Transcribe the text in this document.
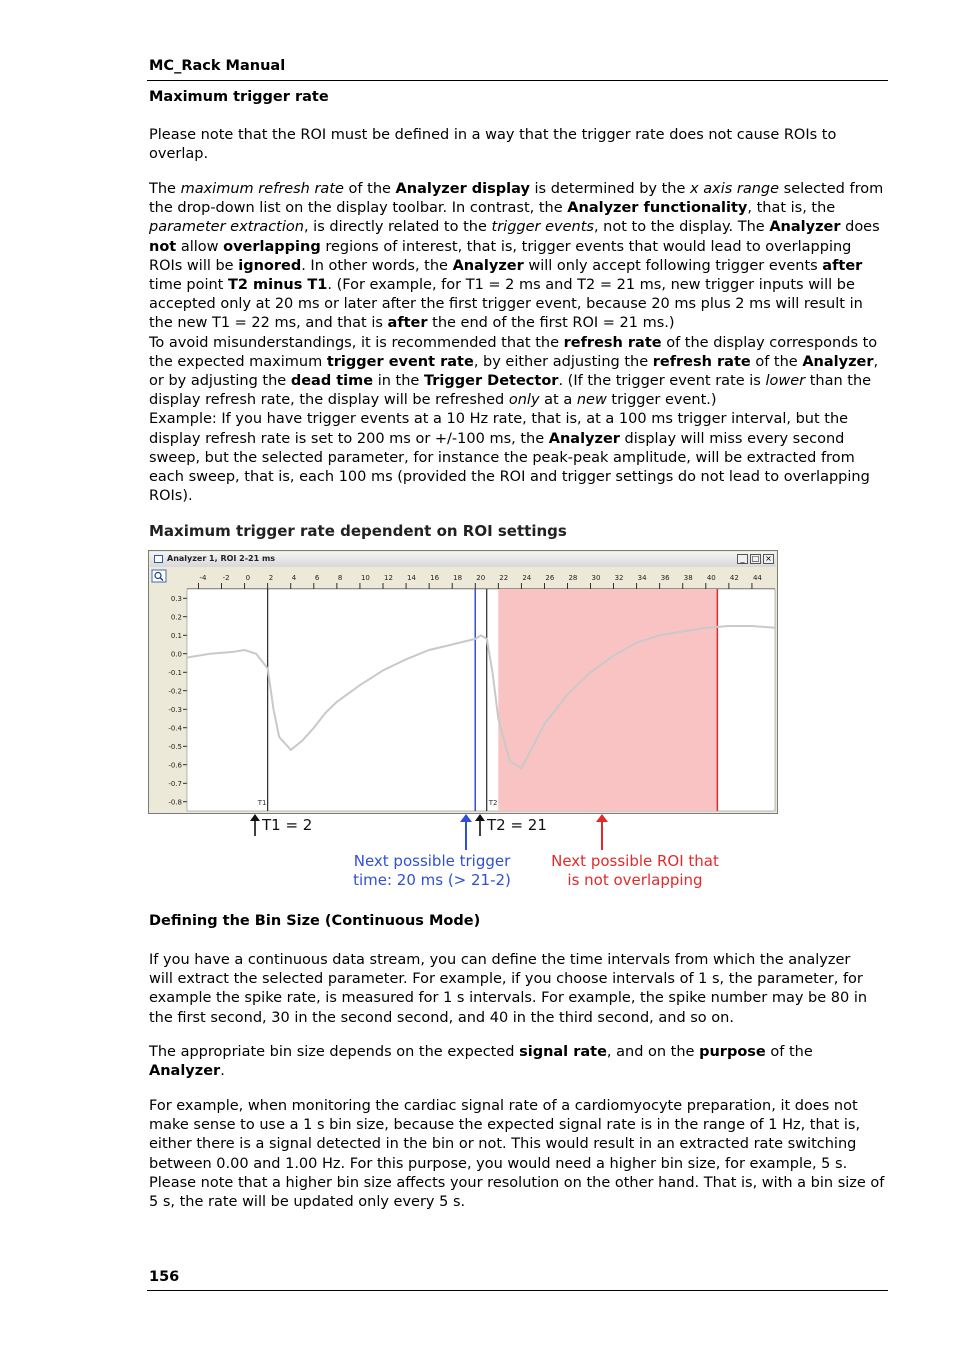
MC_Rack Manual
Maximum trigger rate
Please note that the ROI must be defined in a way that the trigger rate does not cause ROIs to overlap.
The maximum refresh rate of the Analyzer display is determined by the x axis range selected from the drop-down list on the display toolbar. In contrast, the Analyzer functionality, that is, the parameter extraction, is directly related to the trigger events, not to the display. The Analyzer does not allow overlapping regions of interest, that is, trigger events that would lead to overlapping ROIs will be ignored. In other words, the Analyzer will only accept following trigger events after time point T2 minus T1. (For example, for T1 = 2 ms and T2 = 21 ms, new trigger inputs will be accepted only at 20 ms or later after the first trigger event, because 20 ms plus 2 ms will result in the new T1 = 22 ms, and that is after the end of the first ROI = 21 ms.)
To avoid misunderstandings, it is recommended that the refresh rate of the display corresponds to the expected maximum trigger event rate, by either adjusting the refresh rate of the Analyzer, or by adjusting the dead time in the Trigger Detector. (If the trigger event rate is lower than the display refresh rate, the display will be refreshed only at a new trigger event.)
Example: If you have trigger events at a 10 Hz rate, that is, at a 100 ms trigger interval, but the display refresh rate is set to 200 ms or +/-100 ms, the Analyzer display will miss every second sweep, but the selected parameter, for instance the peak-peak amplitude, will be extracted from each sweep, that is, each 100 ms (provided the ROI and trigger settings do not lead to overlapping ROIs).
Maximum trigger rate dependent on ROI settings
Analyzer 1, ROI 2-21 ms	_ □ ×
-4 -2 0	2	4	6	8	10 12 14 16 18 20 22 24 26 28 30 32 34 36 38 40 42 44
0.3
0.2
0.1
0.0
-0.1
-0.2
-0.3
-0.4
-0.5
-0.6
-0.7
-0.8	T1	T2
T1 = 2	T2 = 21
Next possible trigger
time: 20 ms (> 21-2)
Next possible ROI that
is not overlapping
Defining the Bin Size (Continuous Mode)
If you have a continuous data stream, you can define the time intervals from which the analyzer will extract the selected parameter. For example, if you choose intervals of 1 s, the parameter, for example the spike rate, is measured for 1 s intervals. For example, the spike number may be 80 in the first second, 30 in the second second, and 40 in the third second, and so on.
The appropriate bin size depends on the expected signal rate, and on the purpose of the Analyzer.
For example, when monitoring the cardiac signal rate of a cardiomyocyte preparation, it does not make sense to use a 1 s bin size, because the expected signal rate is in the range of 1 Hz, that is, either there is a signal detected in the bin or not. This would result in an extracted rate switching between 0.00 and 1.00 Hz. For this purpose, you would need a higher bin size, for example, 5 s. Please note that a higher bin size affects your resolution on the other hand. That is, with a bin size of 5 s, the rate will be updated only every 5 s.
156
